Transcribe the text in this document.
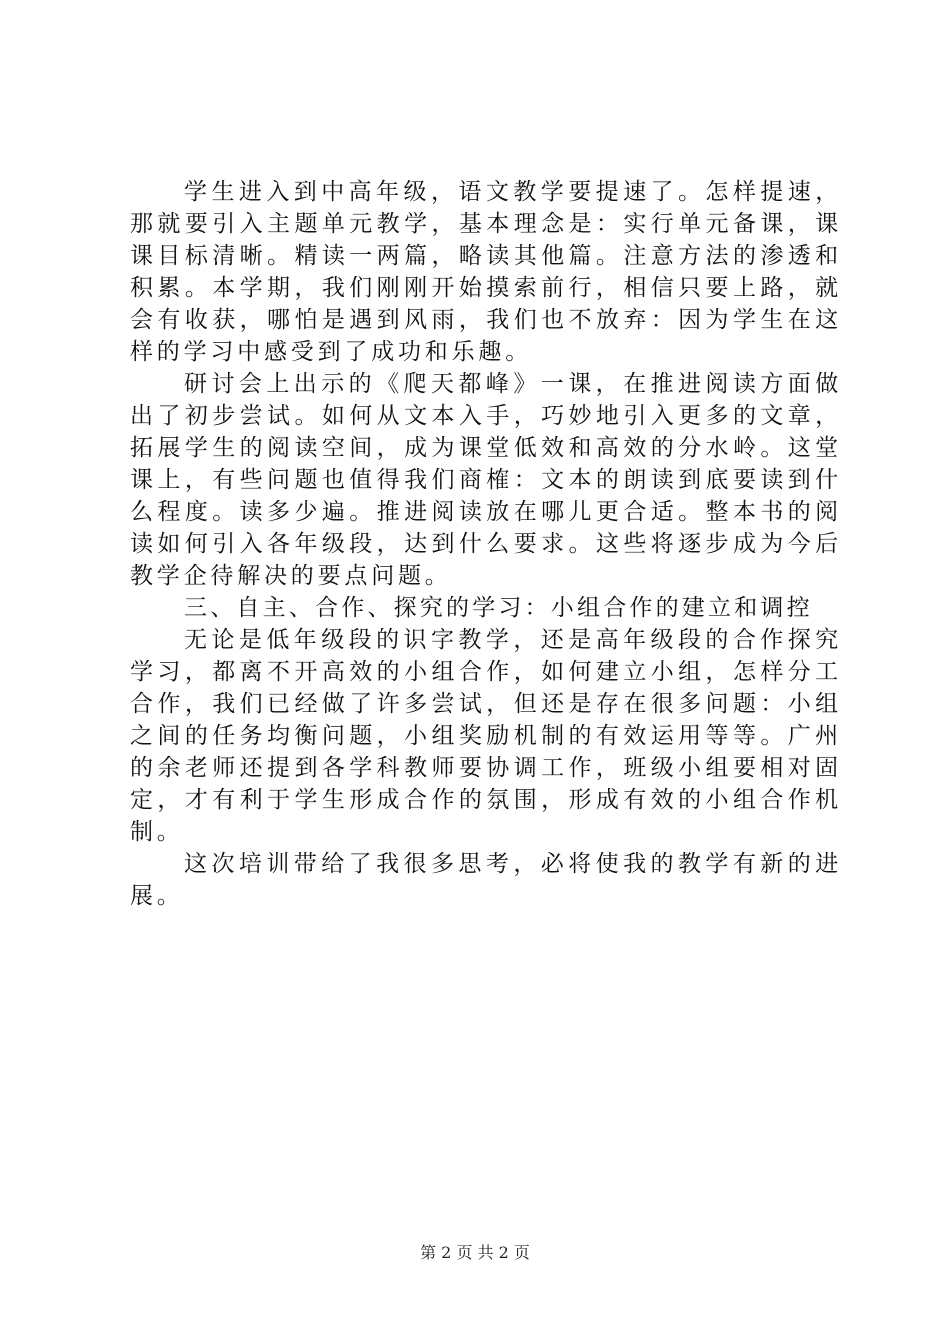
学生进入到中高年级，语文教学要提速了。怎样提速，那就要引入主题单元教学，基本理念是：实行单元备课，课课目标清晰。精读一两篇，略读其他篇。注意方法的渗透和积累。本学期，我们刚刚开始摸索前行，相信只要上路，就会有收获，哪怕是遇到风雨，我们也不放弃：因为学生在这样的学习中感受到了成功和乐趣。

研讨会上出示的《爬天都峰》一课，在推进阅读方面做出了初步尝试。如何从文本入手，巧妙地引入更多的文章，拓展学生的阅读空间，成为课堂低效和高效的分水岭。这堂课上，有些问题也值得我们商榷：文本的朗读到底要读到什么程度。读多少遍。推进阅读放在哪儿更合适。整本书的阅读如何引入各年级段，达到什么要求。这些将逐步成为今后教学企待解决的要点问题。

三、自主、合作、探究的学习：小组合作的建立和调控

无论是低年级段的识字教学，还是高年级段的合作探究学习，都离不开高效的小组合作，如何建立小组，怎样分工合作，我们已经做了许多尝试，但还是存在很多问题：小组之间的任务均衡问题，小组奖励机制的有效运用等等。广州的余老师还提到各学科教师要协调工作，班级小组要相对固定，才有利于学生形成合作的氛围，形成有效的小组合作机制。

这次培训带给了我很多思考，必将使我的教学有新的进展。

第 2 页 共 2 页
